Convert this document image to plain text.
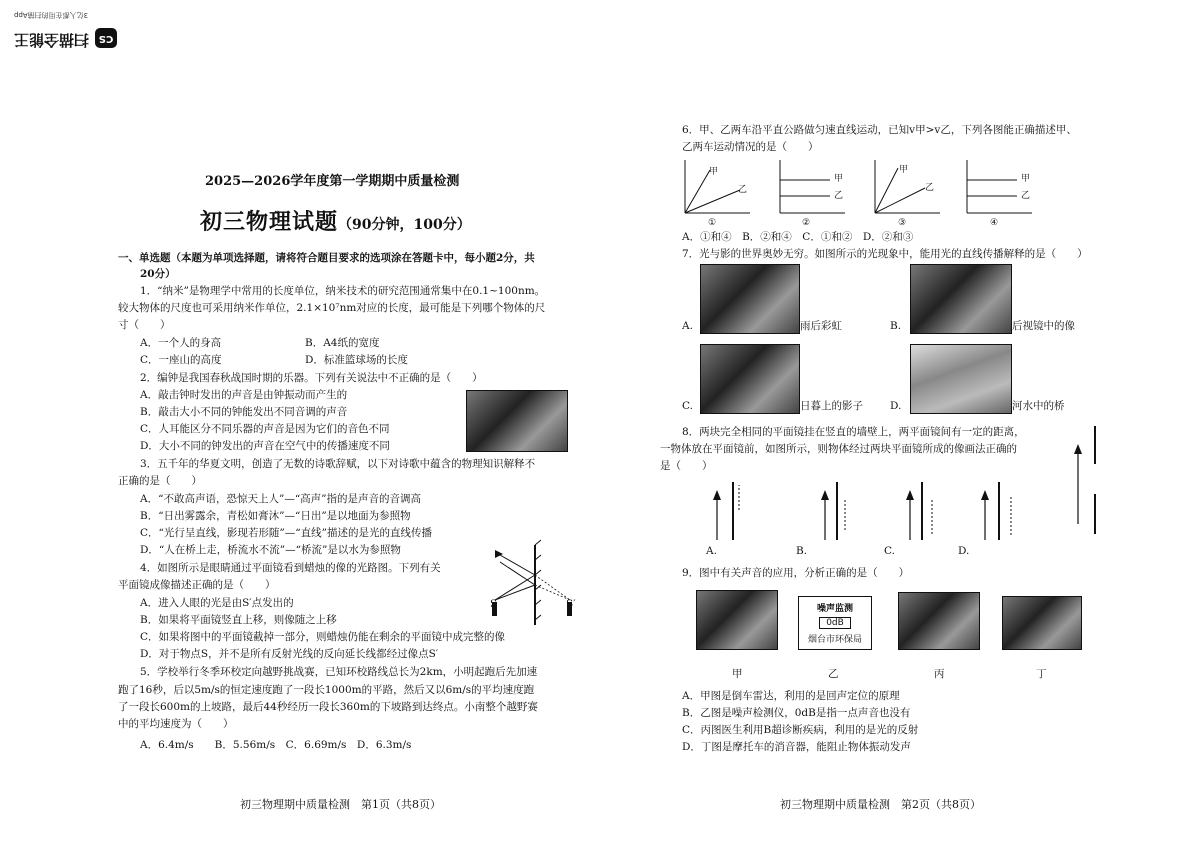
CS
扫描全能王
3亿人都在用的扫描App
2025—2026学年度第一学期期中质量检测
初三物理试题（90分钟，100分）
一、单选题（本题为单项选择题，请将符合题目要求的选项涂在答题卡中，每小题2分，共
20分）
1．“纳米”是物理学中常用的长度单位，纳米技术的研究范围通常集中在0.1~100nm。
较大物体的尺度也可采用纳米作单位，2.1×10⁷nm对应的长度，最可能是下列哪个物体的尺
寸（　　）
A．一个人的身高	B．A4纸的宽度
C．一座山的高度	D．标准篮球场的长度
2．编钟是我国春秋战国时期的乐器。下列有关说法中不正确的是（　　）
A．敲击钟时发出的声音是由钟振动而产生的
B．敲击大小不同的钟能发出不同音调的声音
C．人耳能区分不同乐器的声音是因为它们的音色不同
D．大小不同的钟发出的声音在空气中的传播速度不同
3．五千年的华夏文明，创造了无数的诗歌辞赋，以下对诗歌中蕴含的物理知识解释不
正确的是（　　）
A．“不敢高声语，恐惊天上人”—“高声”指的是声音的音调高
B．“日出雾露余，青松如膏沐”—“日出”是以地面为参照物
C．“光行呈直线，影现若形随”—“直线”描述的是光的直线传播
D．“人在桥上走，桥流水不流”—“桥流”是以水为参照物
4．如图所示是眼睛通过平面镜看到蜡烛的像的光路图。下列有关
平面镜成像描述正确的是（　　）
A．进入人眼的光是由S′点发出的
B．如果将平面镜竖直上移，则像随之上移
C．如果将图中的平面镜截掉一部分，则蜡烛仍能在剩余的平面镜中成完整的像
D．对于物点S，并不是所有反射光线的反向延长线都经过像点S′
S	S′
5．学校举行冬季环校定向越野挑战赛，已知环校路线总长为2km，小明起跑后先加速
跑了16秒，后以5m/s的恒定速度跑了一段长1000m的平路，然后又以6m/s的平均速度跑
了一段长600m的上坡路，最后44秒经历一段长360m的下坡路到达终点。小南整个越野赛
中的平均速度为（　　）
A．6.4m/s　　B．5.56m/s　C．6.69m/s　D．6.3m/s
初三物理期中质量检测　第1页（共8页）
6．甲、乙两车沿平直公路做匀速直线运动，已知v甲>v乙，下列各图能正确描述甲、
乙两车运动情况的是（　　）
甲
乙
①
甲
乙
②
甲
乙
③
甲
乙
④
A．①和④　B．②和④　C．①和②　D．②和③
7．光与影的世界奥妙无穷。如图所示的光现象中，能用光的直线传播解释的是（　　）
A.	雨后彩虹	B.	后视镜中的像
C.	日暮上的影子	D.	河水中的桥
8．两块完全相同的平面镜挂在竖直的墙壁上，两平面镜间有一定的距离，
一物体放在平面镜前，如图所示，则物体经过两块平面镜所成的像画法正确的
是（　　）
A.	B.	C.	D.
9．图中有关声音的应用，分析正确的是（　　）
噪声监测
0dB
烟台市环保局
甲	乙	丙	丁
A．甲图是倒车雷达，利用的是回声定位的原理
B．乙图是噪声检测仪，0dB是指一点声音也没有
C．丙图医生利用B超诊断疾病，利用的是光的反射
D．丁图是摩托车的消音器，能阻止物体振动发声
初三物理期中质量检测　第2页（共8页）
